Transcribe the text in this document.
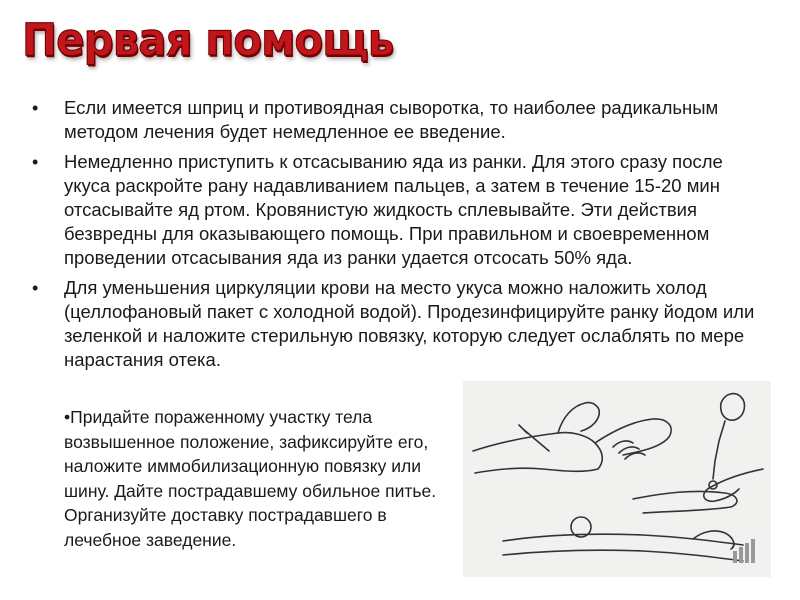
Первая помощь
• Если имеется шприц и противоядная сыворотка, то наиболее радикальным методом лечения будет немедленное ее введение.
• Немедленно приступить к отсасыванию яда из ранки. Для этого сразу после укуса раскройте рану надавливанием пальцев, а затем в течение 15-20 мин отсасывайте яд ртом. Кровянистую жидкость сплевывайте. Эти действия безвредны для оказывающего помощь. При правильном и своевременном проведении отсасывания яда из ранки удается отсосать 50% яда.
• Для уменьшения циркуляции крови на место укуса можно наложить холод (целлофановый пакет с холодной водой). Продезинфицируйте ранку йодом или зеленкой и наложите стерильную повязку, которую следует ослаблять по мере нарастания отека.
•Придайте пораженному участку тела возвышенное положение, зафиксируйте его, наложите иммобилизационную повязку или шину. Дайте пострадавшему обильное питье. Организуйте доставку пострадавшего в лечебное заведение.
